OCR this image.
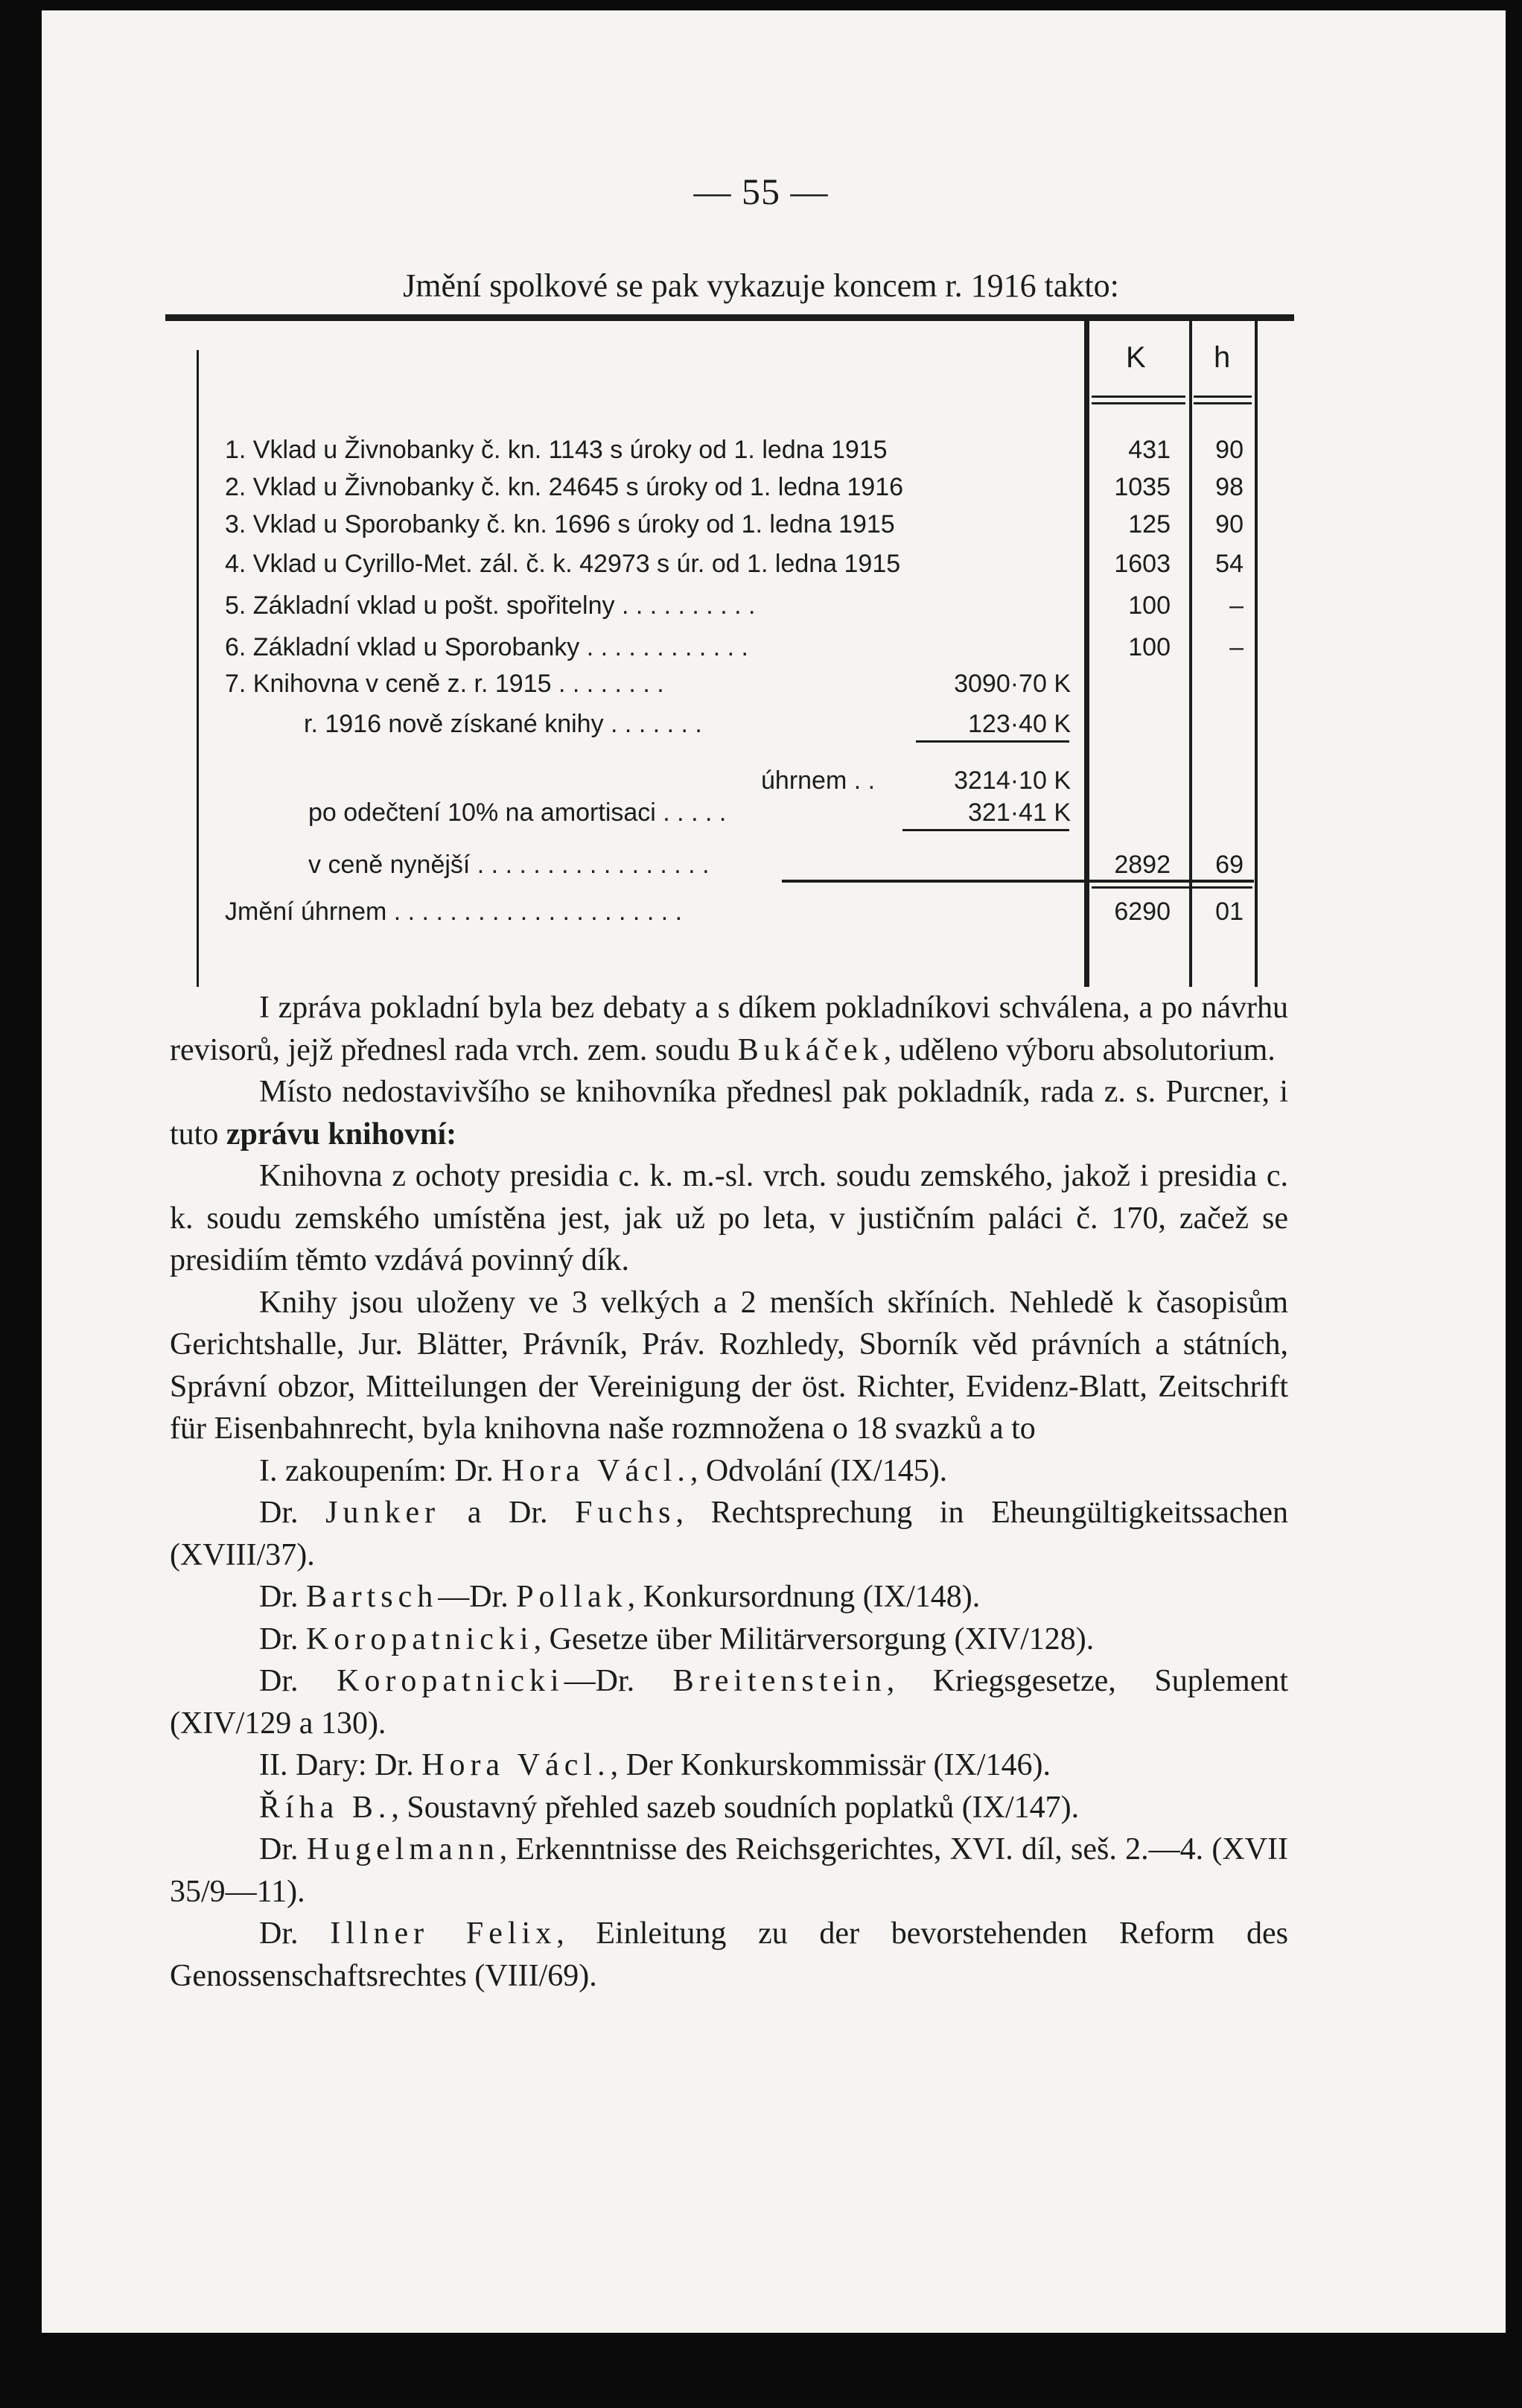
— 55 —
Jmění spolkové se pak vykazuje koncem r. 1916 takto:
K h
1. Vklad u Živnobanky č. kn. 1143 s úroky od 1. ledna 1915	431	90
2. Vklad u Živnobanky č. kn. 24645 s úroky od 1. ledna 1916	1035	98
3. Vklad u Sporobanky č. kn. 1696 s úroky od 1. ledna 1915	125	90
4. Vklad u Cyrillo-Met. zál. č. k. 42973 s úr. od 1. ledna 1915	1603	54
5. Základní vklad u pošt. spořitelny . . . . . . . . . .	100	–
6. Základní vklad u Sporobanky . . . . . . . . . . . .	100	–
7. Knihovna v ceně z. r. 1915 . . . . . . . .	3090·70 K
r. 1916 nově získané knihy . . . . . . .	123·40 K
úhrnem . .	3214·10 K
po odečtení 10% na amortisaci . . . . .	321·41 K
v ceně nynější . . . . . . . . . . . . . . . . .	2892	69
Jmění úhrnem . . . . . . . . . . . . . . . . . . . . .	6290	01

I zpráva pokladní byla bez debaty a s díkem pokladníkovi schválena, a po návrhu revisorů, jejž přednesl rada vrch. zem. soudu Bukáček, uděleno výboru absolutorium.

Místo nedostavivšího se knihovníka přednesl pak pokladník, rada z. s. Purcner, i tuto zprávu knihovní:

Knihovna z ochoty presidia c. k. m.-sl. vrch. soudu zemského, jakož i presidia c. k. soudu zemského umístěna jest, jak už po leta, v justičním paláci č. 170, začež se presidiím těmto vzdává povinný dík.

Knihy jsou uloženy ve 3 velkých a 2 menších skříních. Nehledě k časopisům Gerichtshalle, Jur. Blätter, Právník, Práv. Rozhledy, Sborník věd právních a státních, Správní obzor, Mitteilungen der Vereinigung der öst. Richter, Evidenz-Blatt, Zeitschrift für Eisenbahnrecht, byla knihovna naše rozmnožena o 18 svazků a to

I. zakoupením: Dr. Hora Václ., Odvolání (IX/145).

Dr. Junker a Dr. Fuchs, Rechtsprechung in Eheungültigkeitssachen (XVIII/37).

Dr. Bartsch—Dr. Pollak, Konkursordnung (IX/148).

Dr. Koropatnicki, Gesetze über Militärversorgung (XIV/128).

Dr. Koropatnicki—Dr. Breitenstein, Kriegsgesetze, Suplement (XIV/129 a 130).

II. Dary: Dr. Hora Václ., Der Konkurskommissär (IX/146).

Říha B., Soustavný přehled sazeb soudních poplatků (IX/147).

Dr. Hugelmann, Erkenntnisse des Reichsgerichtes, XVI. díl, seš. 2.—4. (XVII 35/9—11).

Dr. Illner Felix, Einleitung zu der bevorstehenden Reform des Genossenschaftsrechtes (VIII/69).
